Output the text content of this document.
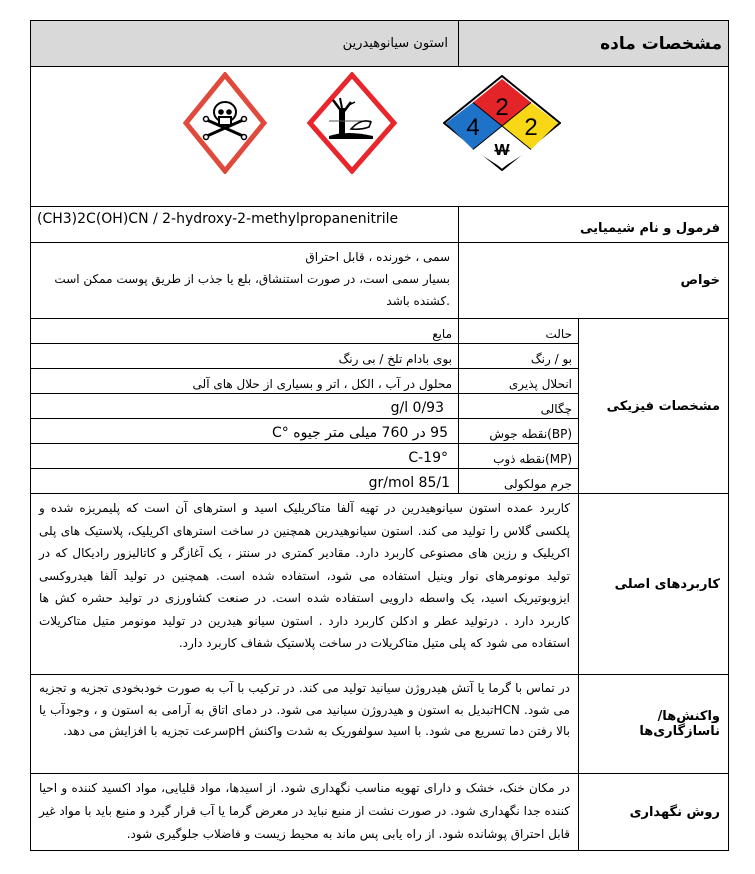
مشخصات ماده
استون سیانوهیدرین
2
4 2
W
فرمول و نام شیمیایی
(CH3)2C(OH)CN / 2-hydroxy-2-methylpropanenitrile
خواص
سمی ، خورنده ، قابل احتراق
بسیار سمی است، در صورت استنشاق، بلع یا جذب از طریق پوست ممکن است
.کشنده باشد
مشخصات فیزیکی
حالت
مایع
بو / رنگ
بوی بادام تلخ / بی رنگ
انحلال پذیری
محلول در آب ، الکل ، اتر و بسیاری از حلال های آلی
چگالی
g/l 0/93
(BP)نقطه جوش
95 در 760 میلی متر جیوه °C
(MP)نقطه ذوب
°C-19
جرم مولکولی
gr/mol 85/1
کاربردهای اصلی
کاربرد عمده استون سیانوهیدرین در تهیه آلفا متاکریلیک اسید و استرهای آن است که پلیمریزه شده و پلکسی گلاس را تولید می کند. استون سیانوهیدرین همچنین در ساخت استرهای اکریلیک، پلاستیک های پلی اکریلیک و رزین های مصنوعی کاربرد دارد. مقادیر کمتری در سنتز ، یک آغازگر و کاتالیزور رادیکال که در تولید مونومرهای نوار وینیل استفاده می شود، استفاده شده است. همچنین در تولید آلفا هیدروکسی ایزوبوتیریک اسید، یک واسطه دارویی استفاده شده است. در صنعت کشاورزی در تولید حشره کش ها کاربرد دارد . درتولید عطر و ادکلن کاربرد دارد . استون سیانو هیدرین در تولید مونومر متیل متاکریلات استفاده می شود که پلی متیل متاکریلات در ساخت پلاستیک شفاف کاربرد دارد.
واکنش‌ها/ ناسازگاری‌ها
در تماس با گرما یا آتش هیدروژن سیانید تولید می کند. در ترکیب با آب به صورت خودبخودی تجزیه و تجزیه می شود. HCNتبدیل به استون و هیدروژن سیانید می شود. در دمای اتاق به آرامی به استون و ، وجودآب یا بالا رفتن دما تسریع می شود. با اسید سولفوریک به شدت واکنش pHسرعت تجزیه با افزایش می دهد.
روش نگهداری
در مکان خنک، خشک و دارای تهویه مناسب نگهداری شود. از اسیدها، مواد قلیایی، مواد اکسید کننده و احیا کننده جدا نگهداری شود. در صورت نشت از منبع نباید در معرض گرما یا آب قرار گیرد و منبع باید با مواد غیر قابل احتراق پوشانده شود. از راه یابی پس ماند به محیط زیست و فاضلاب جلوگیری شود.
